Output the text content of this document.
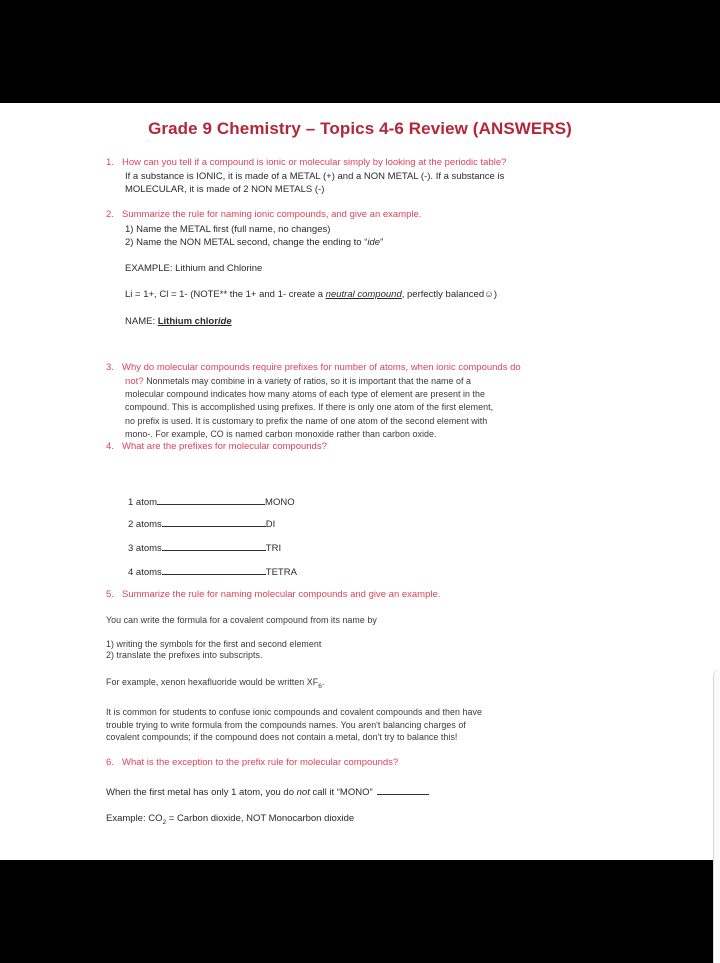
Grade 9 Chemistry – Topics 4-6 Review (ANSWERS)
1. How can you tell if a compound is ionic or molecular simply by looking at the periodic table?
If a substance is IONIC, it is made of a METAL (+) and a NON METAL (-). If a substance is
MOLECULAR, it is made of 2 NON METALS (-)
2. Summarize the rule for naming ionic compounds, and give an example.
1) Name the METAL first (full name, no changes)
2) Name the NON METAL second, change the ending to “ide”
EXAMPLE: Lithium and Chlorine
Li = 1+, Cl = 1- (NOTE** the 1+ and 1- create a neutral compound, perfectly balanced☺)
NAME: Lithium chloride
3. Why do molecular compounds require prefixes for number of atoms, when ionic compounds do
not? Nonmetals may combine in a variety of ratios, so it is important that the name of a
molecular compound indicates how many atoms of each type of element are present in the
compound. This is accomplished using prefixes. If there is only one atom of the first element,
no prefix is used. It is customary to prefix the name of one atom of the second element with
mono-. For example, CO is named carbon monoxide rather than carbon oxide.
4. What are the prefixes for molecular compounds?
1 atom	MONO
2 atoms	DI
3 atoms	TRI
4 atoms	TETRA
5. Summarize the rule for naming molecular compounds and give an example.
You can write the formula for a covalent compound from its name by
1) writing the symbols for the first and second element
2) translate the prefixes into subscripts.
For example, xenon hexafluoride would be written $XF_6$.
It is common for students to confuse ionic compounds and covalent compounds and then have
trouble trying to write formula from the compounds names. You aren't balancing charges of
covalent compounds; if the compound does not contain a metal, don't try to balance this!
6. What is the exception to the prefix rule for molecular compounds?
When the first metal has only 1 atom, you do not call it “MONO”
Example: $CO_2$ = Carbon dioxide, NOT Monocarbon dioxide
